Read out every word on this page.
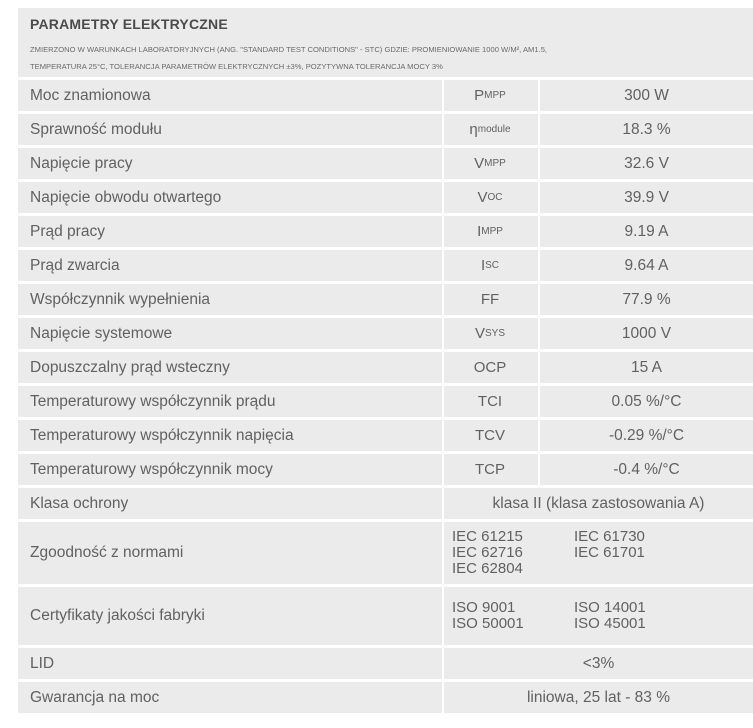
PARAMETRY ELEKTRYCZNE
ZMIERZONO W WARUNKACH LABORATORYJNYCH (ANG. "STANDARD TEST CONDITIONS" - STC) GDZIE: PROMIENIOWANIE 1000 W/M², AM1.5,
TEMPERATURA 25°C, TOLERANCJA PARAMETRÓW ELEKTRYCZNYCH ±3%, POZYTYWNA TOLERANCJA MOCY 3%
Moc znamionowa	P MPP	300 W
Sprawność modułu	η module	18.3 %
Napięcie pracy	V MPP	32.6 V
Napięcie obwodu otwartego	V OC	39.9 V
Prąd pracy	I MPP	9.19 A
Prąd zwarcia	I SC	9.64 A
Współczynnik wypełnienia	FF	77.9 %
Napięcie systemowe	V SYS	1000 V
Dopuszczalny prąd wsteczny	OCP	15 A
Temperaturowy współczynnik prądu	TCI	0.05 %/°C
Temperaturowy współczynnik napięcia	TCV	-0.29 %/°C
Temperaturowy współczynnik mocy	TCP	-0.4 %/°C
Klasa ochrony	klasa II (klasa zastosowania A)
Zgoodność z normami
IEC 61215	IEC 61730
IEC 62716	IEC 61701
IEC 62804
Certyfikaty jakości fabryki	ISO 9001	ISO 14001
ISO 50001	ISO 45001
LID	<3%
Gwarancja na moc	liniowa, 25 lat - 83 %
